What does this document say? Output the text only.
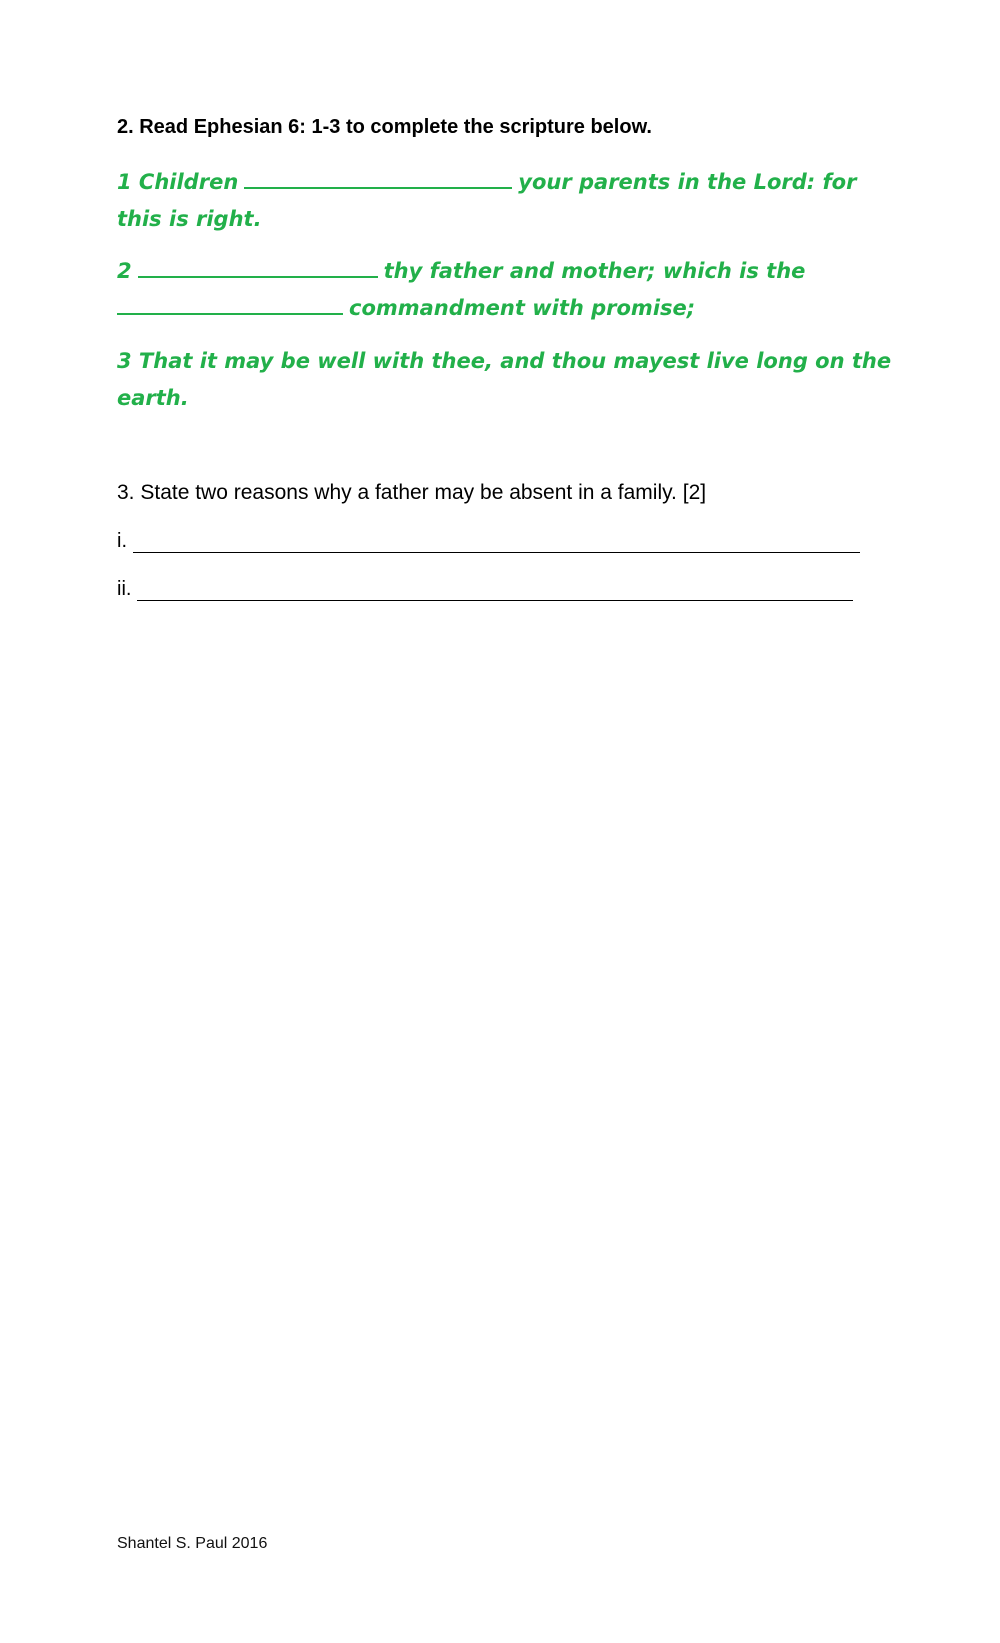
2. Read Ephesian 6: 1-3 to complete the scripture below.

1 Children	your parents in the Lord: for
this is right.

2	thy father and mother; which is the
commandment with promise;

3 That it may be well with thee, and thou mayest live long on the
earth.

3. State two reasons why a father may be absent in a family. [2]
i.
ii.
Shantel S. Paul 2016
